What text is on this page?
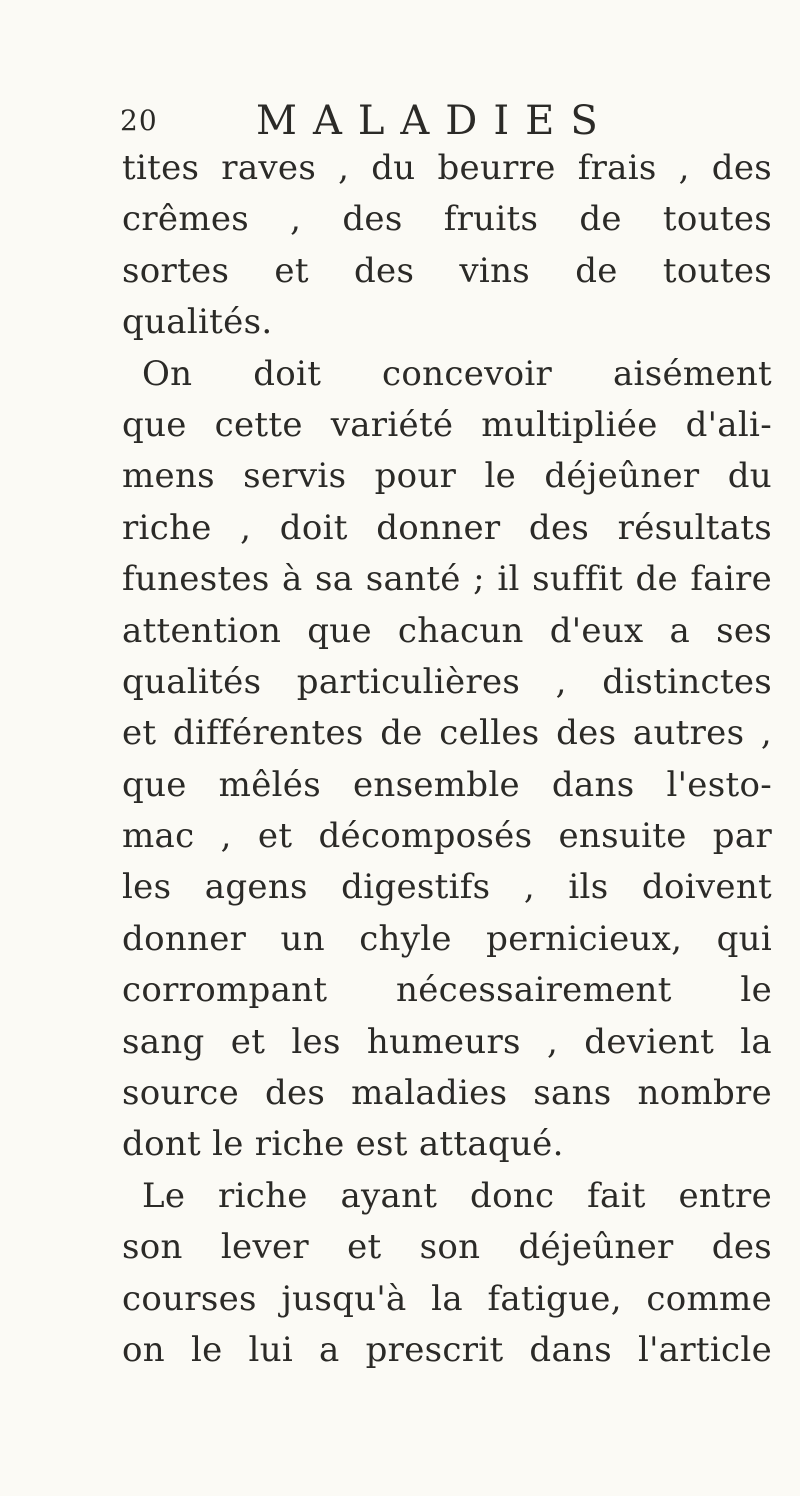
20 MALADIES
tites raves , du beurre frais , des
crêmes , des fruits de toutes
sortes et des vins de toutes
qualités.
On doit concevoir aisément
que cette variété multipliée d'ali-
mens servis pour le déjeûner du
riche , doit donner des résultats
funestes à sa santé ; il suffit de faire
attention que chacun d'eux a ses
qualités particulières , distinctes
et différentes de celles des autres ,
que mêlés ensemble dans l'esto-
mac , et décomposés ensuite par
les agens digestifs , ils doivent
donner un chyle pernicieux, qui
corrompant nécessairement le
sang et les humeurs , devient la
source des maladies sans nombre
dont le riche est attaqué.
Le riche ayant donc fait entre
son lever et son déjeûner des
courses jusqu'à la fatigue, comme
on le lui a prescrit dans l'article
